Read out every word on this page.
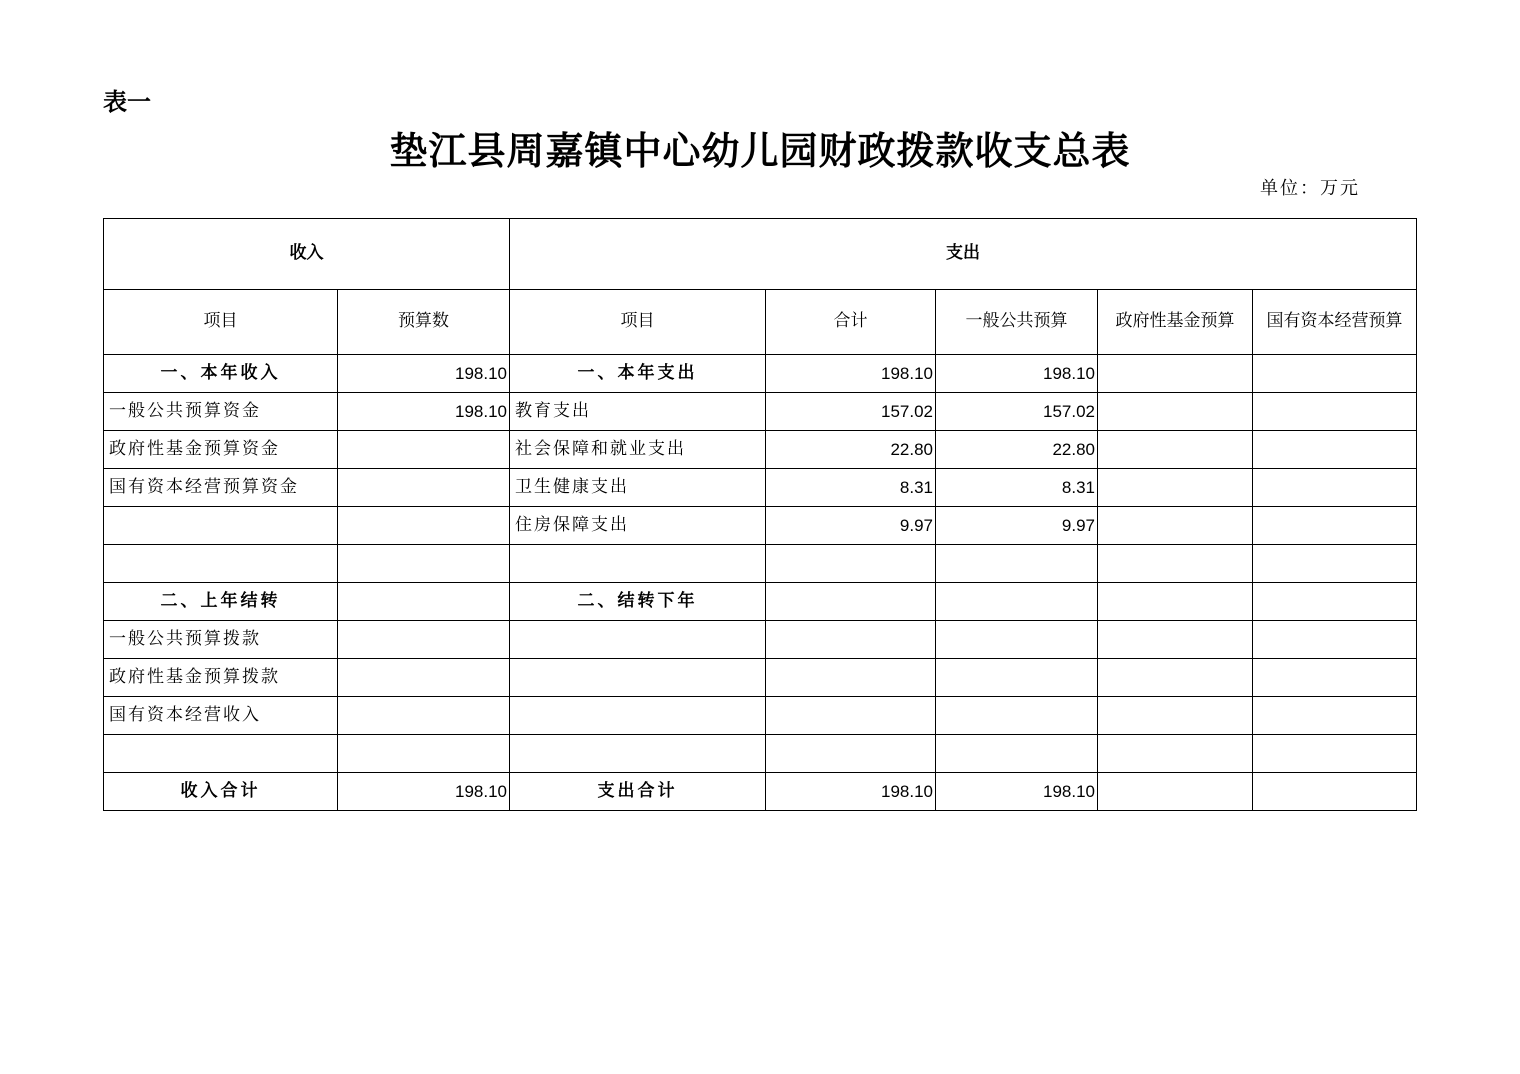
表一
垫江县周嘉镇中心幼儿园财政拨款收支总表
单位：万元
收入		支出				
项目	预算数	项目	合计	一般公共预算	政府性基金预算	国有资本经营预算
一、本年收入	198.10	一、本年支出	198.10	198.10		
一般公共预算资金	198.10	教育支出	157.02	157.02		
政府性基金预算资金		社会保障和就业支出	22.80	22.80		
国有资本经营预算资金		卫生健康支出	8.31	8.31		
		住房保障支出	9.97	9.97		

二、上年结转		二、结转下年				
一般公共预算拨款						
政府性基金预算拨款						
国有资本经营收入						

收入合计	198.10	支出合计	198.10	198.10		
